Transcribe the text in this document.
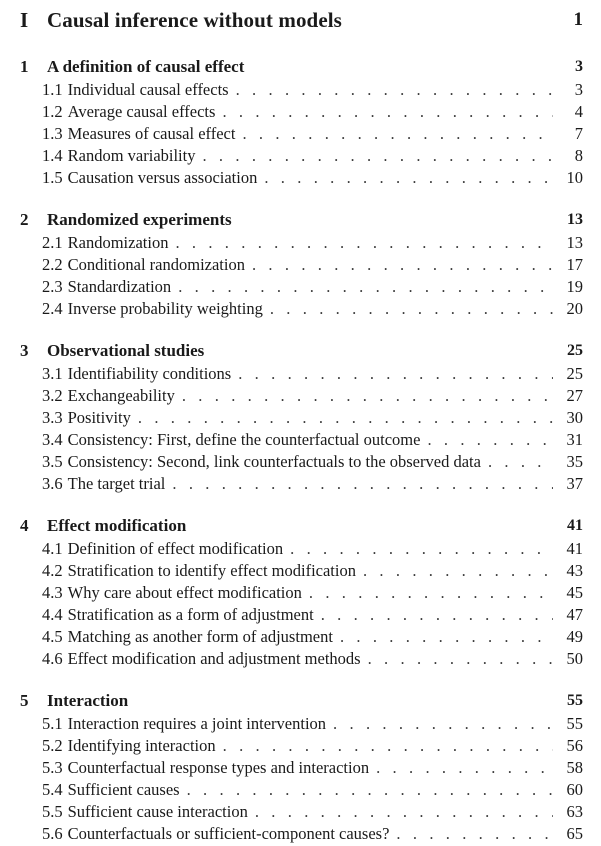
I Causal inference without models	1
1	A definition of causal effect	3
1.1 Individual causal effects . . .	3
1.2 Average causal effects . . .	4
1.3 Measures of causal effect . . .	7
1.4 Random variability . . .	8
1.5 Causation versus association . . .	10
2	Randomized experiments	13
2.1 Randomization . . .	13
2.2 Conditional randomization . . .	17
2.3 Standardization . . .	19
2.4 Inverse probability weighting . . .	20
3	Observational studies	25
3.1 Identifiability conditions . . .	25
3.2 Exchangeability . . .	27
3.3 Positivity . . .	30
3.4 Consistency: First, define the counterfactual outcome . . .	31
3.5 Consistency: Second, link counterfactuals to the observed data . . .	35
3.6 The target trial . . .	37
4	Effect modification	41
4.1 Definition of effect modification . . .	41
4.2 Stratification to identify effect modification . . .	43
4.3 Why care about effect modification . . .	45
4.4 Stratification as a form of adjustment . . .	47
4.5 Matching as another form of adjustment . . .	49
4.6 Effect modification and adjustment methods . . .	50
5	Interaction	55
5.1 Interaction requires a joint intervention . . .	55
5.2 Identifying interaction . . .	56
5.3 Counterfactual response types and interaction . . .	58
5.4 Sufficient causes . . .	60
5.5 Sufficient cause interaction . . .	63
5.6 Counterfactuals or sufficient-component causes? . . .	65
